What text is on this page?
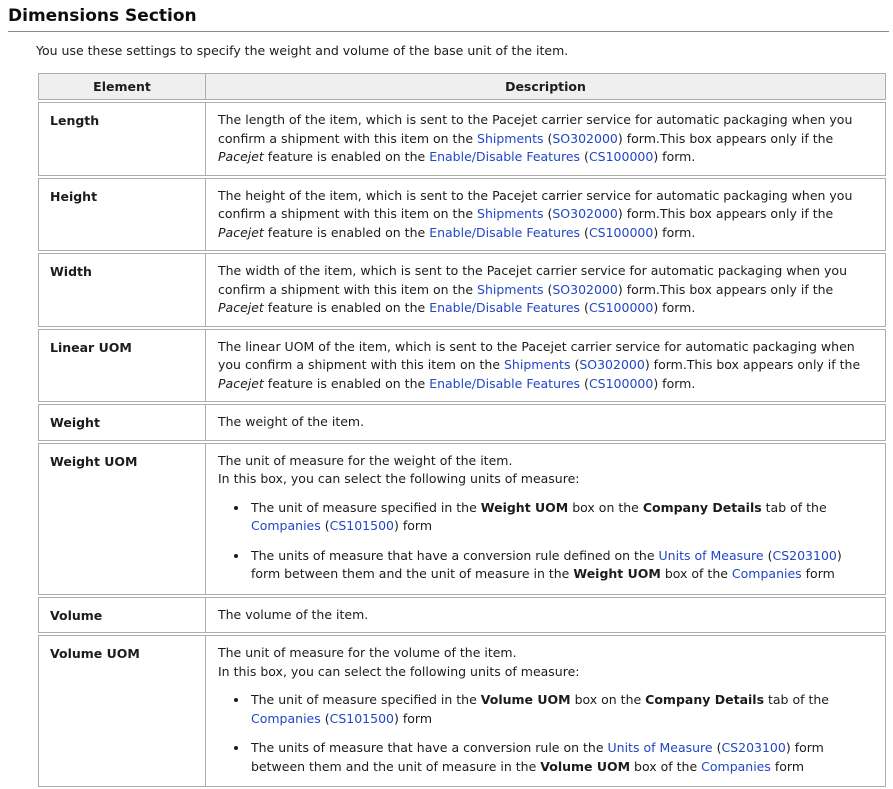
Dimensions Section

You use these settings to specify the weight and volume of the base unit of the item.

Element	Description
Length	The length of the item, which is sent to the Pacejet carrier service for automatic packaging when you confirm a shipment with this item on the Shipments (SO302000) form.This box appears only if the Pacejet feature is enabled on the Enable/Disable Features (CS100000) form.

Height	The height of the item, which is sent to the Pacejet carrier service for automatic packaging when you confirm a shipment with this item on the Shipments (SO302000) form.This box appears only if the Pacejet feature is enabled on the Enable/Disable Features (CS100000) form.

Width	The width of the item, which is sent to the Pacejet carrier service for automatic packaging when you confirm a shipment with this item on the Shipments (SO302000) form.This box appears only if the Pacejet feature is enabled on the Enable/Disable Features (CS100000) form.

Linear UOM	The linear UOM of the item, which is sent to the Pacejet carrier service for automatic packaging when you confirm a shipment with this item on the Shipments (SO302000) form.This box appears only if the Pacejet feature is enabled on the Enable/Disable Features (CS100000) form.

Weight	The weight of the item.

Weight UOM	The unit of measure for the weight of the item.
In this box, you can select the following units of measure:
• The unit of measure specified in the Weight UOM box on the Company Details tab of the Companies (CS101500) form
• The units of measure that have a conversion rule defined on the Units of Measure (CS203100) form between them and the unit of measure in the Weight UOM box of the Companies form

Volume	The volume of the item.

Volume UOM	The unit of measure for the volume of the item.
In this box, you can select the following units of measure:
• The unit of measure specified in the Volume UOM box on the Company Details tab of the Companies (CS101500) form
• The units of measure that have a conversion rule on the Units of Measure (CS203100) form between them and the unit of measure in the Volume UOM box of the Companies form
